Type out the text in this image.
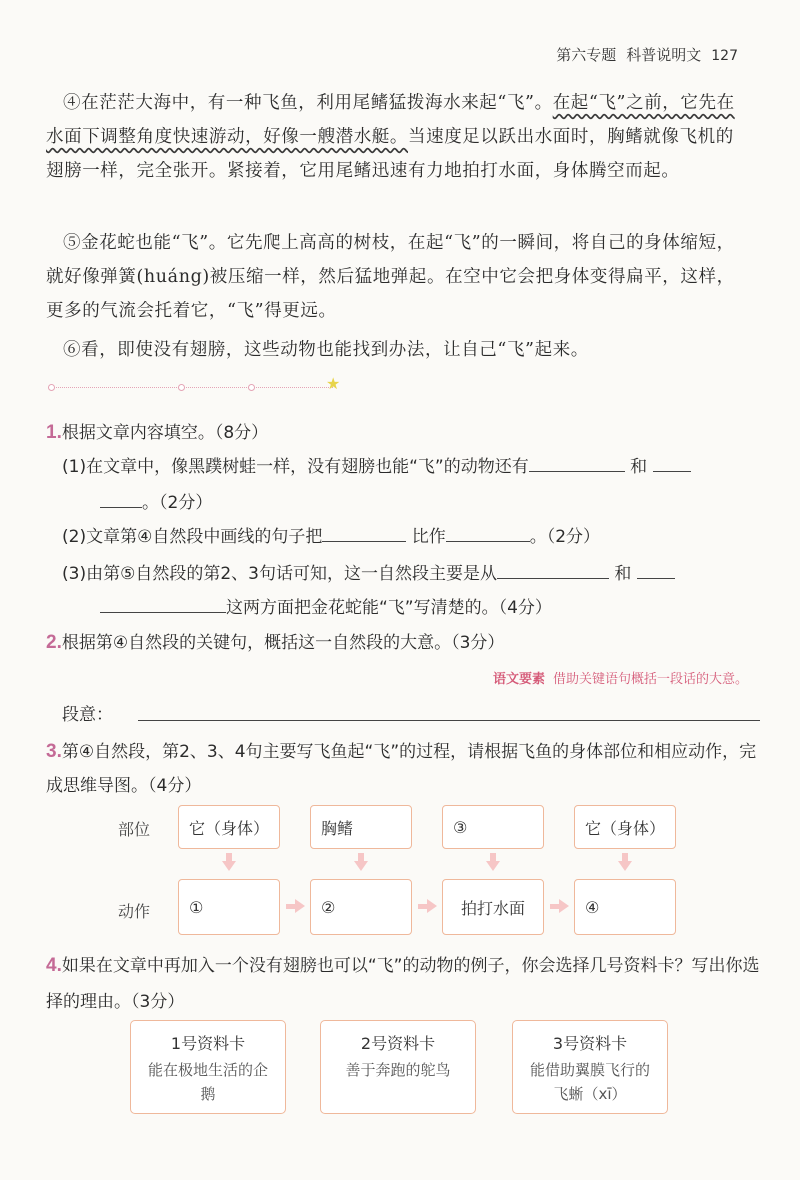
第六专题 科普说明文 127
④在茫茫大海中，有一种飞鱼，利用尾鳍猛拨海水来起“飞”。在起“飞”之前，它先在水面下调整角度快速游动，好像一艘潜水艇。当速度足以跃出水面时，胸鳍就像飞机的翅膀一样，完全张开。紧接着，它用尾鳍迅速有力地拍打水面，身体腾空而起。
⑤金花蛇也能“飞”。它先爬上高高的树枝，在起“飞”的一瞬间，将自己的身体缩短，就好像弹簧(huáng)被压缩一样，然后猛地弹起。在空中它会把身体变得扁平，这样，更多的气流会托着它，“飞”得更远。
⑥看，即使没有翅膀，这些动物也能找到办法，让自己“飞”起来。
★
1.根据文章内容填空。（8分）
(1)在文章中，像黑蹼树蛙一样，没有翅膀也能“飞”的动物还有	和
。（2分）
(2)文章第④自然段中画线的句子把	比作	。（2分）
(3)由第⑤自然段的第2、3句话可知，这一自然段主要是从	和
这两方面把金花蛇能“飞”写清楚的。（4分）
2.根据第④自然段的关键句，概括这一自然段的大意。（3分）
语文要素 借助关键语句概括一段话的大意。
段意：
3.第④自然段，第2、3、4句主要写飞鱼起“飞”的过程，请根据飞鱼的身体部位和相应动作，完成思维导图。（4分）
部位
动作
它（身体）	胸鳍	③	它（身体）
①	②	拍打水面	④
4.如果在文章中再加入一个没有翅膀也可以“飞”的动物的例子，你会选择几号资料卡？写出你选择的理由。（3分）
1号资料卡
能在极地生活的企鹅
2号资料卡
善于奔跑的鸵鸟
3号资料卡
能借助翼膜飞行的飞蜥（xī）
